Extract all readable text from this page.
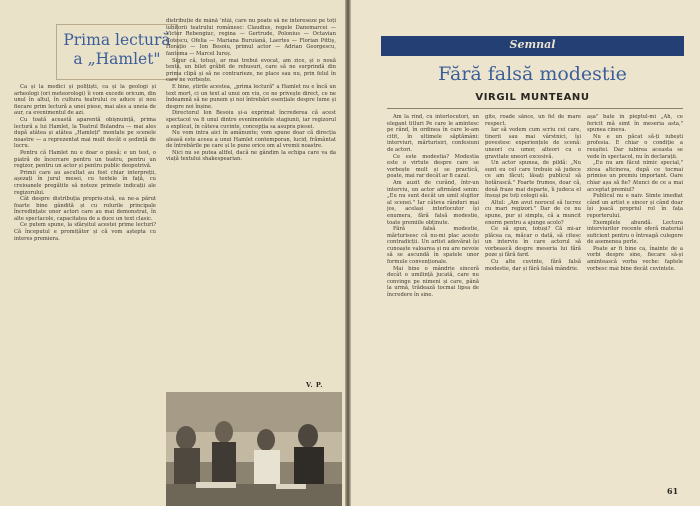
Prima lectură a „Hamlet"

Ca și la medici și polițiști, ca și la geologi și arheologi (ori meteorologi) îi vom excede oricum, din unul în altul, în cultura teatrului ce aduce și nou fiecare prim lectură a unei piese, mai ales a uneia de aur, ca evenimentul de azi.

Cu toată această aparentă obișnuință, prima lectură a lui Hamlet, la Teatrul Bulandra — mai ales după atâtea și atâtea „Hamleți" montate pe scenele noastre — a reprezentat mai mult decât o ședință de lucru.

Pentru că Hamlet nu e doar o piesă; e un test, o piatră de încercare pentru un teatru, pentru un regizor, pentru un actor și pentru public deopotrivă.

Primii care au ascultat au fost chiar interpreții, așezați în jurul mesei, cu textele în față, cu creioanele pregătite să noteze primele indicații ale regizorului.

Cât despre distribuția propriu-zisă, ea ne-a părut foarte bine gândită și cu rolurile principale încredințate unor actori care au mai demonstrat, în alte spectacole, capacitatea de a duce un text clasic.

Ce putem spune, la sfârșitul acestei prime lecturi? Că începutul e promițător și că vom aștepta cu interes premiera.

distribuție de mână ’ntâi, care nu poate să ne intereseze pe toți iubitorii teatrului românesc: Claudius, regele Danemarcei — Victor Rebengiuc, regina — Gertrude, Polonius — Octavian Cotescu, Ofelia — Mariana Buruiană, Laertes — Florian Pittiș, Horațio — Ion Besoiu, primul actor — Adrian Georgescu, fantoma — Marcel Iureș.

Sigur că, totuși, ar mai trebui evocat, am zice, și o nouă tentă, un bilet grăbit de rebusuri, care să ne surprindă din prima clipă și să ne contrarieze, ne place sau nu, prin felul în care ne vorbește.

E bine, știrile acestea, „prima lectură" a Hamlet nu e încă un text mort, ci un text al unui om viu, ce ne privește direct, ce ne îndeamnă să ne punem și noi întrebări esențiale despre lume și despre noi înșine.

Directorul Ion Besoiu și-a exprimat încrederea că acest spectacol va fi unul dintre evenimentele stagiunii, iar regizorul a explicat, în câteva cuvinte, concepția sa asupra piesei.

Nu vom intra aici în amănunte; vom spune doar că direcția aleasă este aceea a unui Hamlet contemporan, lucid, frământat de întrebările pe care și le pune orice om al vremii noastre.

Nici nu se putea altfel, dacă ne gândim la echipa care va da viață textului shakespearian.

V. P.
Semnal
Fără falsă modestie
VIRGIL MUNTEANU

Am la rînd, cu interlocutori, un elegant titluri Pe care le amintesc pe rând, în ordinea în care le-am citit, în ultimele săptămâni: interviuri, mărturisiri, confesiuni de actori.

Ce este modestia? Modestia este o virtute despre care se vorbește mult și se practică, poate, mai rar decât ar fi cazul.

Am auzit de curând, într-un interviu, un actor afirmând senin: „Eu nu sunt decât un umil slujitor al scenei." Iar câteva rânduri mai jos, același interlocutor își enumera, fără falsă modestie, toate premiile obținute.

Fără falsă modestie, mărturisesc că nu-mi plac aceste contradicții. Un artist adevărat își cunoaște valoarea și nu are nevoie să se ascundă în spatele unor formule convenționale.

Mai bine o mândrie sinceră decât o umilință jucată, care nu convinge pe nimeni și care, până la urmă, trădează tocmai lipsa de încredere în sine.

gite, roade sănce, un fel de mare respect.

Iar să vedem cum scriu cei care, tinerii sau mai vârstnici, își povestesc experiențele de scenă: uneori cu umor, alteori cu o gravitate uneori excesivă.

Un actor spunea, de pildă: „Nu sunt eu cel care trebuie să judece ce am făcut; lăsați publicul să hotărască." Foarte frumos, doar că, două fraze mai departe, îi judeca el însuși pe toți colegii săi.

Altul: „Am avut norocul să lucrez cu mari regizori." Dar de ce nu spune, pur și simplu, că a muncit enorm pentru a ajunge acolo?

Ce să spun, totuși? Că mi-ar plăcea ca, măcar o dată, să citesc un interviu în care actorul să vorbească despre meseria lui fără poze și fără fard.

Cu alte cuvinte, fără falsă modestie, dar și fără falsă mândrie.

așa" bate în pieptul-mi „Ah, ce fericit mă simt în meseria asta," spunea cineva.

Nu e un păcat să-ți iubești profesia. E chiar o condiție a reușitei. Dar iubirea aceasta se vede în spectacol, nu în declarații.

„Eu nu am făcut nimic special," zicea altcineva, după ce tocmai primise un premiu important. Oare chiar așa să fie? Atunci de ce a mai acceptat premiul?

Publicul nu e naiv. Simte imediat când un artist e sincer și când doar își joacă propriul rol în fața reporterului.

Exemplele abundă. Lectura interviurilor recente oferă material suficient pentru o întreagă culegere de asemenea perle.

Poate ar fi bine ca, înainte de a vorbi despre sine, fiecare să-și amintească vorba veche: faptele vorbesc mai bine decât cuvintele.

61
